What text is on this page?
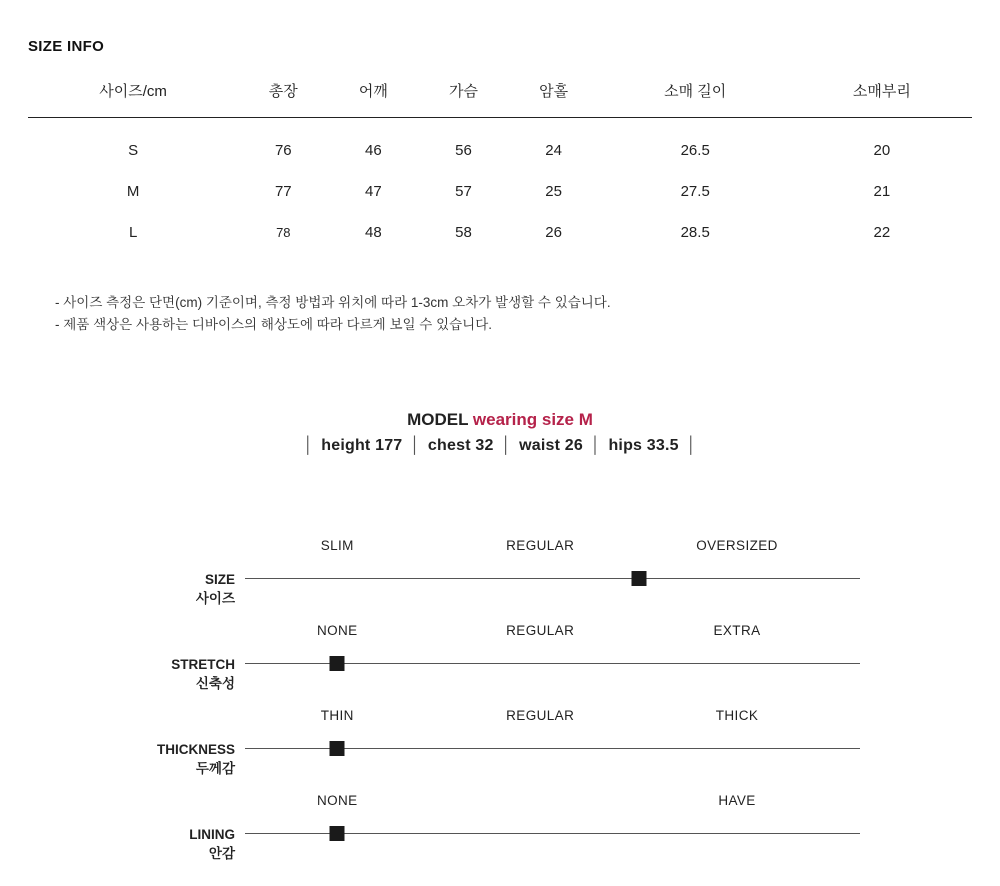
SIZE INFO
사이즈/cm	총장	어깨	가슴	암홀	소매 길이	소매부리
S	76	46	56	24	26.5	20
M	77	47	57	25	27.5	21
L	78	48	58	26	28.5	22
- 사이즈 측정은 단면(cm) 기준이며, 측정 방법과 위치에 따라 1-3cm 오차가 발생할 수 있습니다.
- 제품 색상은 사용하는 디바이스의 해상도에 따라 다르게 보일 수 있습니다.
MODEL wearing size M
│ height 177 │ chest 32 │ waist 26 │ hips 33.5 │
SIZE
사이즈
SLIM	REGULAR	OVERSIZED
STRETCH
신축성
NONE	REGULAR	EXTRA
THICKNESS
두께감
THIN	REGULAR	THICK
LINING
안감
NONE	HAVE
